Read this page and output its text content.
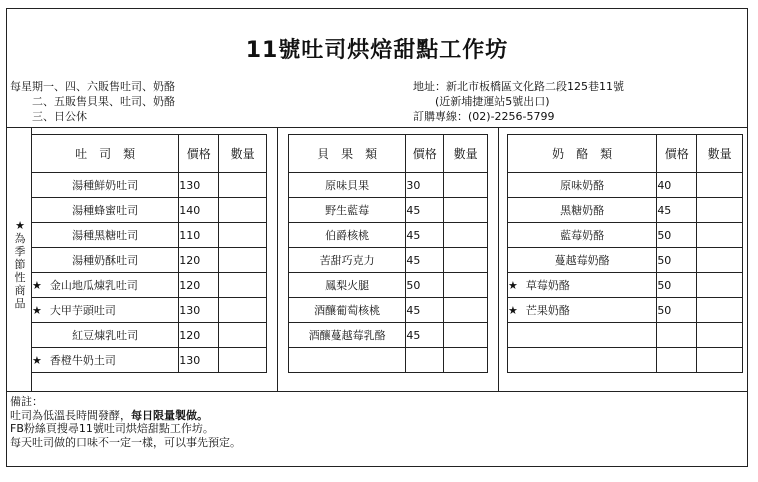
11號吐司烘焙甜點工作坊
每星期一、四、六販售吐司、奶酪
　　二、五販售貝果、吐司、奶酪
　　三、日公休
地址：新北市板橋區文化路二段125巷11號
　　(近新埔捷運站5號出口)
訂購專線：(02)-2256-5799
★為季節性商品
吐　司　類	價格	數量
湯種鮮奶吐司	130	
湯種蜂蜜吐司	140	
湯種黑糖吐司	110	
湯種奶酥吐司	120	
★ 金山地瓜煉乳吐司	120	
★ 大甲芋頭吐司	130	
紅豆煉乳吐司	120	
★ 香橙牛奶土司	130	
貝　果　類	價格	數量
原味貝果	30	
野生藍莓	45	
伯爵核桃	45	
苦甜巧克力	45	
鳳梨火腿	50	
酒釀葡萄核桃	45	
酒釀蔓越莓乳酪	45	

奶　酪　類	價格	數量
原味奶酪	40	
黑糖奶酪	45	
藍莓奶酪	50	
蔓越莓奶酪	50	
★ 草莓奶酪	50	
★ 芒果奶酪	50	

備註：
吐司為低溫長時間發酵，每日限量製做。
FB粉絲頁搜尋11號吐司烘焙甜點工作坊。
每天吐司做的口味不一定一樣，可以事先預定。
